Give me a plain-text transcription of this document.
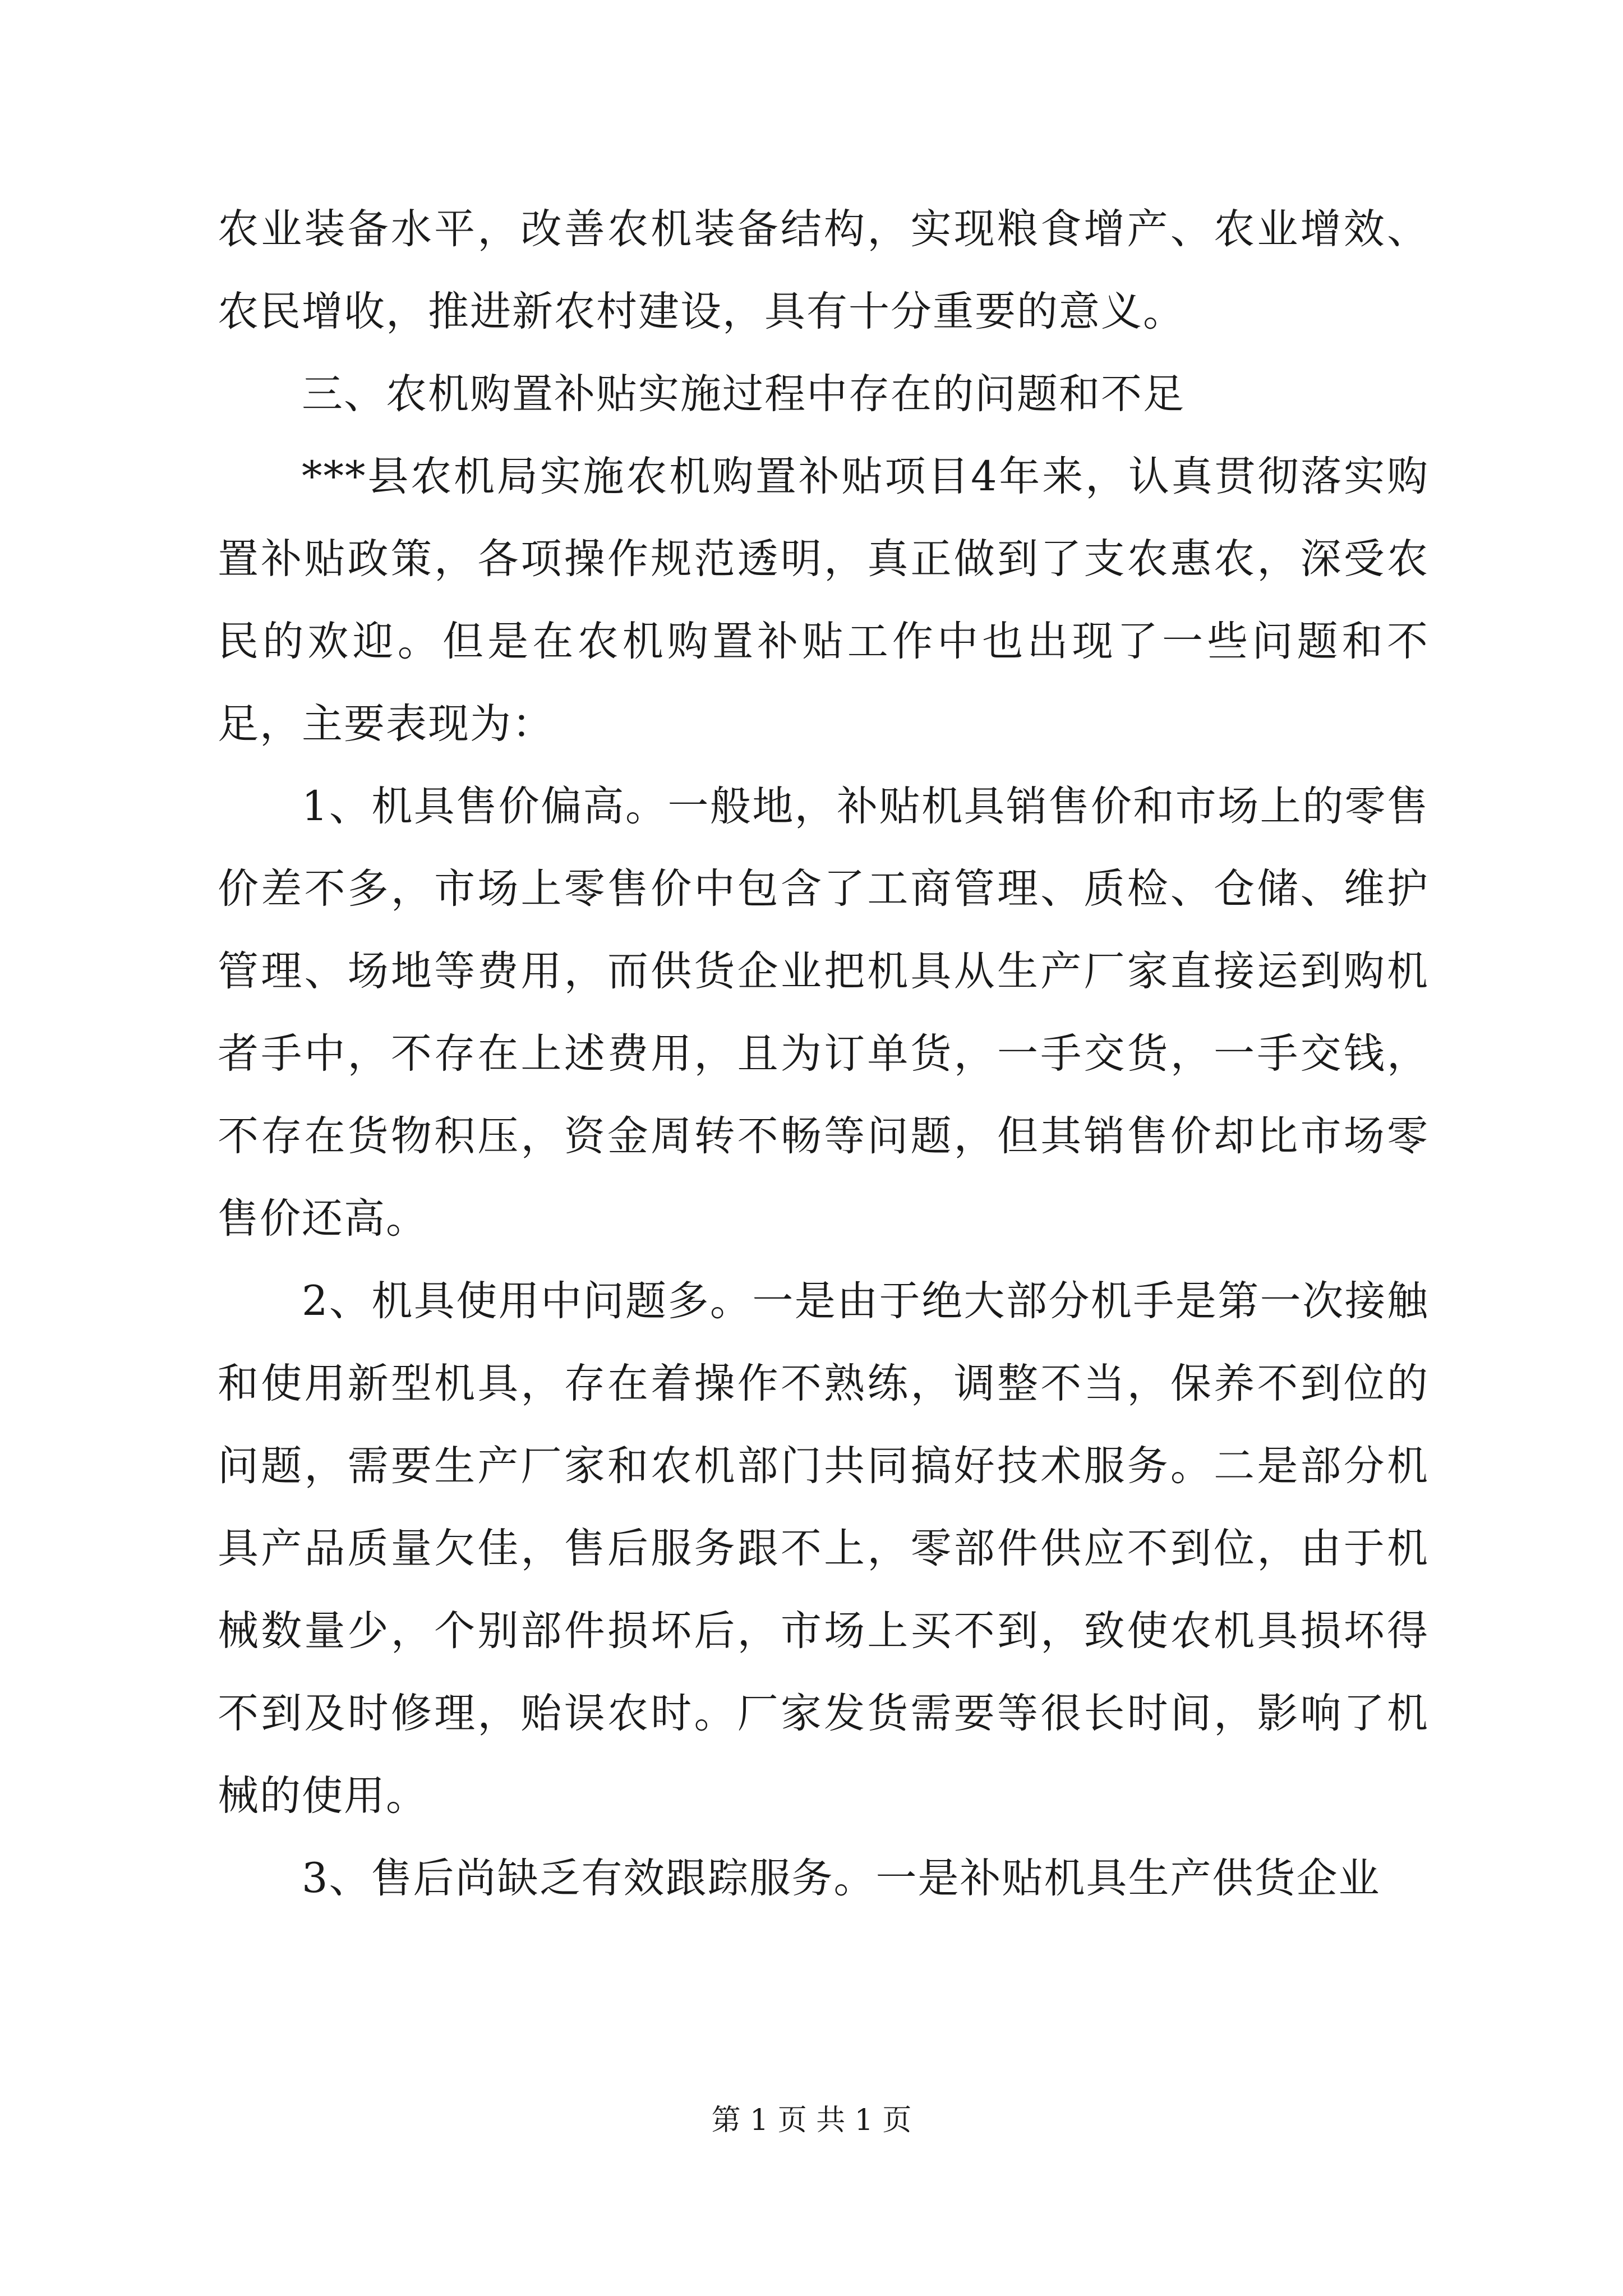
农业装备水平，改善农机装备结构，实现粮食增产、农业增效、农民增收，推进新农村建设，具有十分重要的意义。

三、农机购置补贴实施过程中存在的问题和不足

***县农机局实施农机购置补贴项目4年来，认真贯彻落实购置补贴政策，各项操作规范透明，真正做到了支农惠农，深受农民的欢迎。但是在农机购置补贴工作中也出现了一些问题和不足，主要表现为：

1、机具售价偏高。一般地，补贴机具销售价和市场上的零售价差不多，市场上零售价中包含了工商管理、质检、仓储、维护管理、场地等费用，而供货企业把机具从生产厂家直接运到购机者手中，不存在上述费用，且为订单货，一手交货，一手交钱，不存在货物积压，资金周转不畅等问题，但其销售价却比市场零售价还高。

2、机具使用中问题多。一是由于绝大部分机手是第一次接触和使用新型机具，存在着操作不熟练，调整不当，保养不到位的问题，需要生产厂家和农机部门共同搞好技术服务。二是部分机具产品质量欠佳，售后服务跟不上，零部件供应不到位，由于机械数量少，个别部件损坏后，市场上买不到，致使农机具损坏得不到及时修理，贻误农时。厂家发货需要等很长时间，影响了机械的使用。

3、售后尚缺乏有效跟踪服务。一是补贴机具生产供货企业

第 1 页 共 1 页
